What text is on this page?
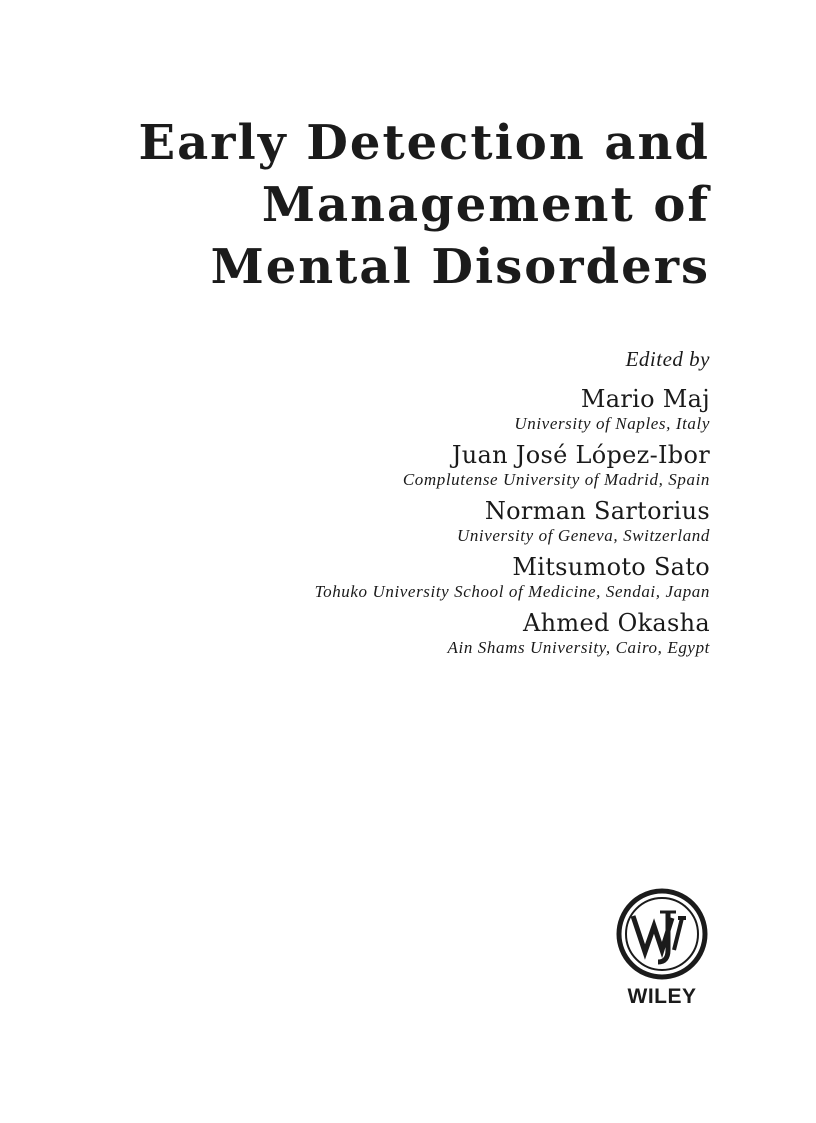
Early Detection and
Management of
Mental Disorders
Edited by
Mario Maj
University of Naples, Italy
Juan José López-Ibor
Complutense University of Madrid, Spain
Norman Sartorius
University of Geneva, Switzerland
Mitsumoto Sato
Tohuko University School of Medicine, Sendai, Japan
Ahmed Okasha
Ain Shams University, Cairo, Egypt
WILEY
